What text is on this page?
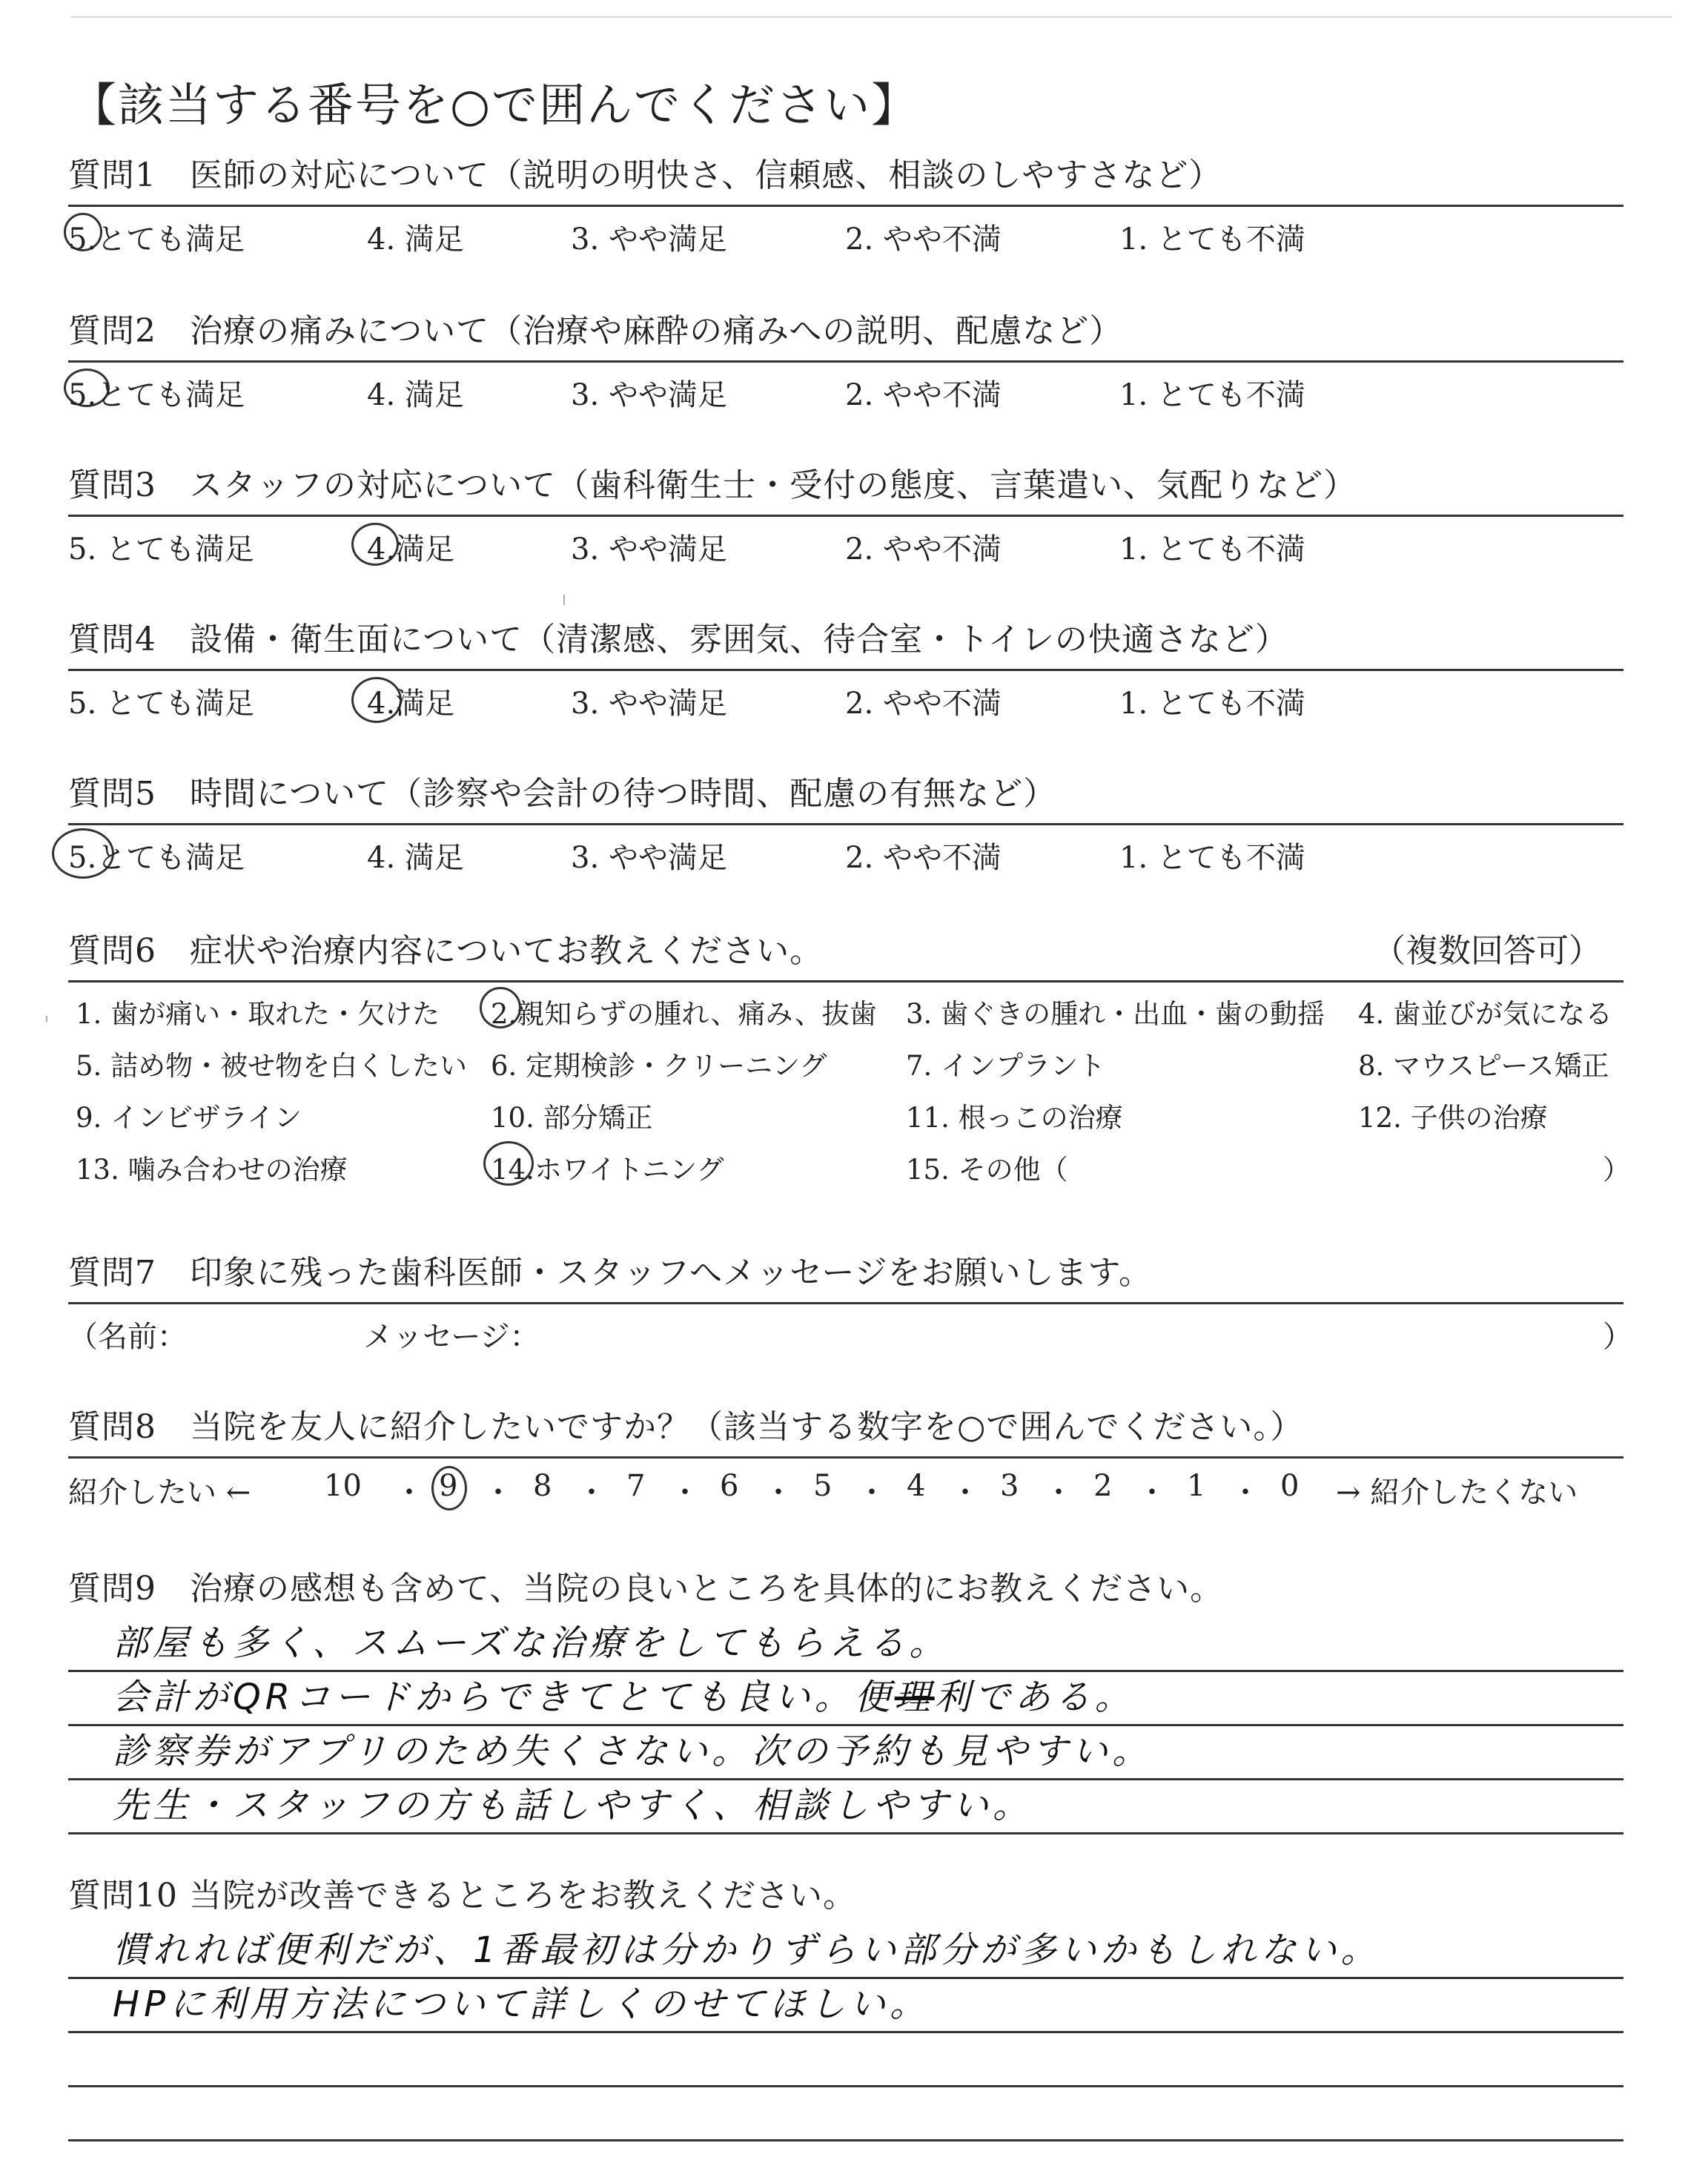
【該当する番号を○で囲んでください】
質問1　医師の対応について（説明の明快さ、信頼感、相談のしやすさなど）
5.とても満足	4. 満足	3. やや満足	2. やや不満	1. とても不満
質問2　治療の痛みについて（治療や麻酔の痛みへの説明、配慮など）
5.とても満足	4. 満足	3. やや満足	2. やや不満	1. とても不満
質問3　スタッフの対応について（歯科衛生士・受付の態度、言葉遣い、気配りなど）
5. とても満足	4.満足	3. やや満足	2. やや不満	1. とても不満
質問4　設備・衛生面について（清潔感、雰囲気、待合室・トイレの快適さなど）
5. とても満足	4.満足	3. やや満足	2. やや不満	1. とても不満
質問5　時間について（診察や会計の待つ時間、配慮の有無など）
5.とても満足	4. 満足	3. やや満足	2. やや不満	1. とても不満
質問6　症状や治療内容についてお教えください。	（複数回答可）
1. 歯が痛い・取れた・欠けた 2.親知らずの腫れ、痛み、抜歯 3. 歯ぐきの腫れ・出血・歯の動揺 4. 歯並びが気になる
5. 詰め物・被せ物を白くしたい 6. 定期検診・クリーニング	7. インプラント	8. マウスピース矯正
9. インビザライン	10. 部分矯正	11. 根っこの治療	12. 子供の治療
13. 噛み合わせの治療	14.ホワイトニング	15. その他（	）
質問7　印象に残った歯科医師・スタッフへメッセージをお願いします。
（名前：	メッセージ：	）
質問8　当院を友人に紹介したいですか？（該当する数字を○で囲んでください。）
紹介したい ← 10 ・ 9 ・ 8 ・ 7 ・ 6 ・ 5 ・ 4 ・ 3 ・ 2 ・ 1 ・ 0 → 紹介したくない
質問9　治療の感想も含めて、当院の良いところを具体的にお教えください。
部屋も多く、スムーズな治療をしてもらえる。
会計がQRコードからできてとても良い。便理利である。
診察券がアプリのため失くさない。次の予約も見やすい。
先生・スタッフの方も話しやすく、相談しやすい。
質問10 当院が改善できるところをお教えください。
慣れれば便利だが、1番最初は分かりずらい部分が多いかもしれない。
HPに利用方法について詳しくのせてほしい。
